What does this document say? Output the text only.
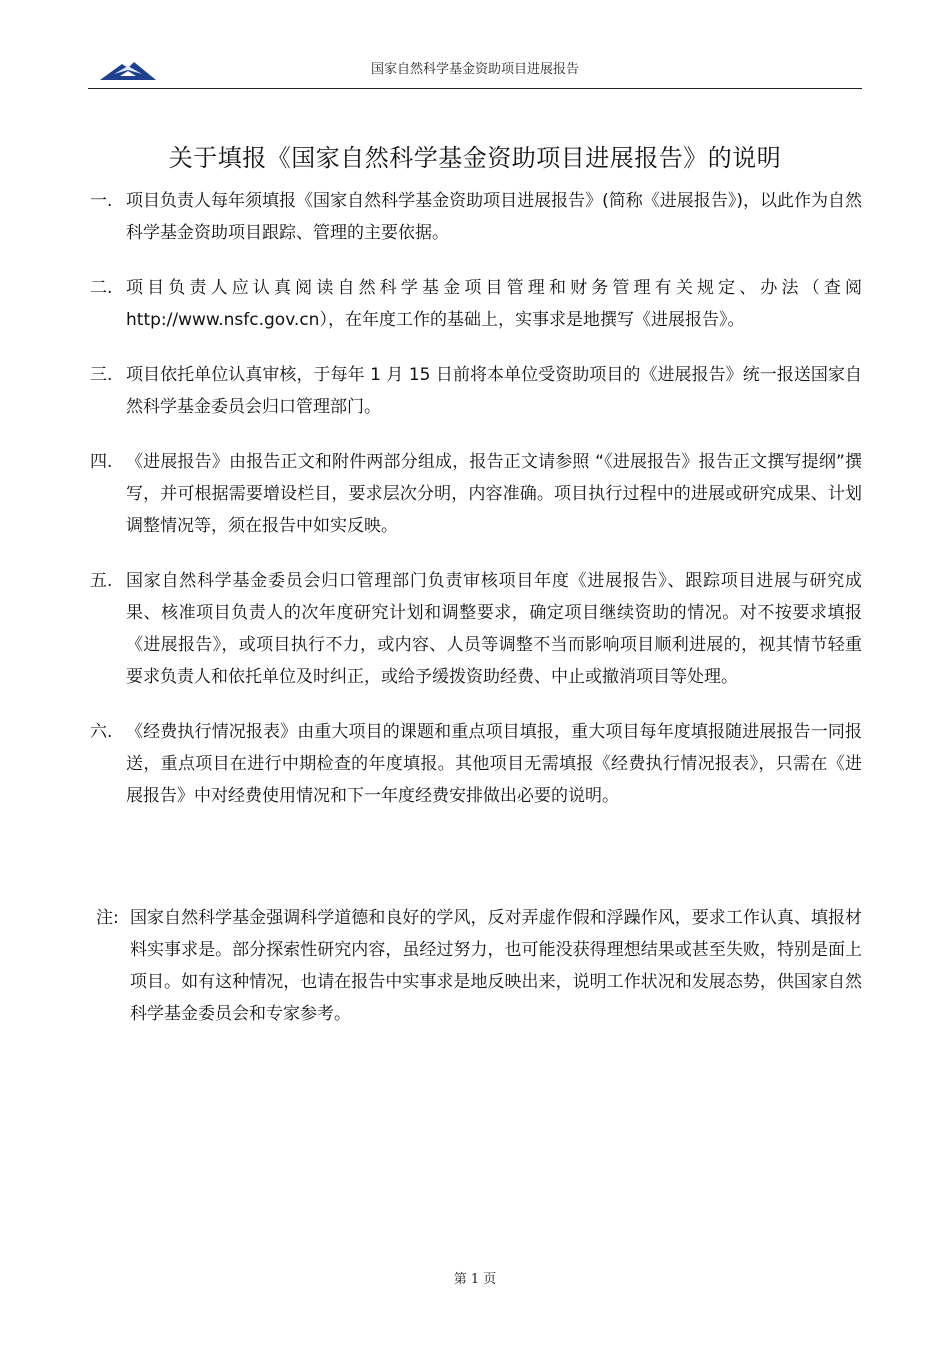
国家自然科学基金资助项目进展报告
关于填报《国家自然科学基金资助项目进展报告》的说明
一. 项目负责人每年须填报《国家自然科学基金资助项目进展报告》(简称《进展报告》)，以此作为自然科学基金资助项目跟踪、管理的主要依据。
二. 项目负责人应认真阅读自然科学基金项目管理和财务管理有关规定、办法（查阅http://www.nsfc.gov.cn），在年度工作的基础上，实事求是地撰写《进展报告》。
三. 项目依托单位认真审核，于每年 1 月 15 日前将本单位受资助项目的《进展报告》统一报送国家自然科学基金委员会归口管理部门。
四. 《进展报告》由报告正文和附件两部分组成，报告正文请参照 “《进展报告》报告正文撰写提纲”撰写，并可根据需要增设栏目，要求层次分明，内容准确。项目执行过程中的进展或研究成果、计划调整情况等，须在报告中如实反映。
五. 国家自然科学基金委员会归口管理部门负责审核项目年度《进展报告》、跟踪项目进展与研究成果、核准项目负责人的次年度研究计划和调整要求，确定项目继续资助的情况。对不按要求填报《进展报告》，或项目执行不力，或内容、人员等调整不当而影响项目顺利进展的，视其情节轻重要求负责人和依托单位及时纠正，或给予缓拨资助经费、中止或撤消项目等处理。
六. 《经费执行情况报表》由重大项目的课题和重点项目填报，重大项目每年度填报随进展报告一同报送，重点项目在进行中期检查的年度填报。其他项目无需填报《经费执行情况报表》，只需在《进展报告》中对经费使用情况和下一年度经费安排做出必要的说明。
注: 国家自然科学基金强调科学道德和良好的学风，反对弄虚作假和浮躁作风，要求工作认真、填报材料实事求是。部分探索性研究内容，虽经过努力，也可能没获得理想结果或甚至失败，特别是面上项目。如有这种情况，也请在报告中实事求是地反映出来，说明工作状况和发展态势，供国家自然科学基金委员会和专家参考。
第 1 页
